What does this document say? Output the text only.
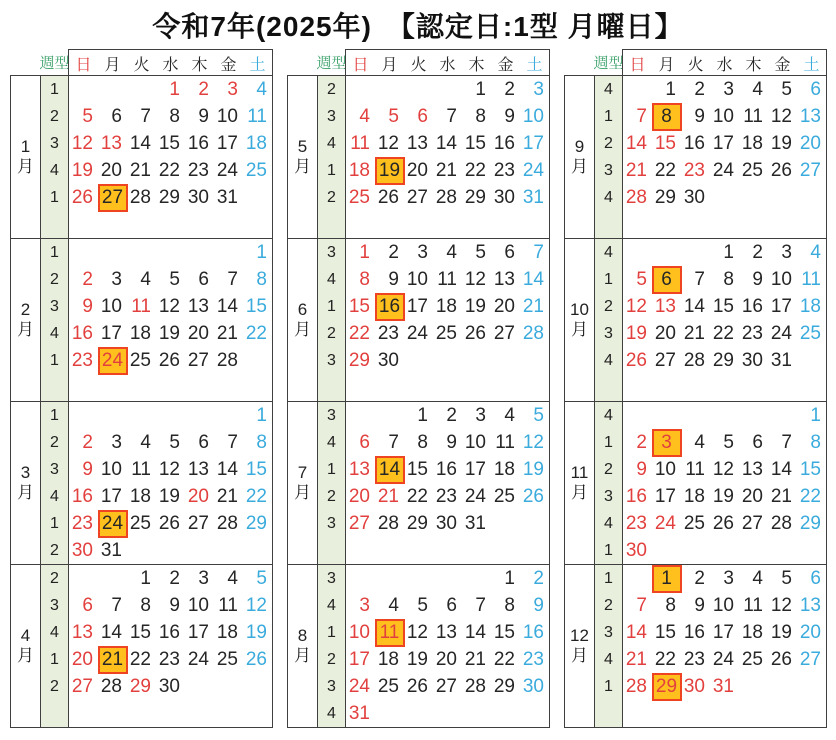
令和7年(2025年)　【認定日:1型 月曜日】
週型 日 月 火 水 木 金 土
1
月
1
2
3
4
1
1 2 3 4
5 6 7 8 9 10 11
12 13 14 15 16 17 18
19 20 21 22 23 24 25
26 27 28 29 30 31
2
月
1
2
3
4
1
1
2 3 4 5 6 7 8
9 10 11 12 13 14 15
16 17 18 19 20 21 22
23 24 25 26 27 28
3
月
1
2
3
4
1
2
1
2 3 4 5 6 7 8
9 10 11 12 13 14 15
16 17 18 19 20 21 22
23 24 25 26 27 28 29
30 31
4
月
2
3
4
1
2
1 2 3 4 5
6 7 8 9 10 11 12
13 14 15 16 17 18 19
20 21 22 23 24 25 26
27 28 29 30
週型 日 月 火 水 木 金 土
5
月
2
3
4
1
2
1 2 3
4 5 6 7 8 9 10
11 12 13 14 15 16 17
18 19 20 21 22 23 24
25 26 27 28 29 30 31
6
月
3
4
1
2
3
1 2 3 4 5 6 7
8 9 10 11 12 13 14
15 16 17 18 19 20 21
22 23 24 25 26 27 28
29 30
7
月
3
4
1
2
3
1 2 3 4 5
6 7 8 9 10 11 12
13 14 15 16 17 18 19
20 21 22 23 24 25 26
27 28 29 30 31
8
月
3
4
1
2
3
4
1 2
3 4 5 6 7 8 9
10 11 12 13 14 15 16
17 18 19 20 21 22 23
24 25 26 27 28 29 30
31
週型 日 月 火 水 木 金 土
9
月
4
1
2
3
4
1 2 3 4 5 6
7 8 9 10 11 12 13
14 15 16 17 18 19 20
21 22 23 24 25 26 27
28 29 30
10
月
4
1
2
3
4
1 2 3 4
5 6 7 8 9 10 11
12 13 14 15 16 17 18
19 20 21 22 23 24 25
26 27 28 29 30 31
11
月
4
1
2
3
4
1
1
2 3 4 5 6 7 8
9 10 11 12 13 14 15
16 17 18 19 20 21 22
23 24 25 26 27 28 29
30
12
月
1
2
3
4
1
1 2 3 4 5 6
7 8 9 10 11 12 13
14 15 16 17 18 19 20
21 22 23 24 25 26 27
28 29 30 31
